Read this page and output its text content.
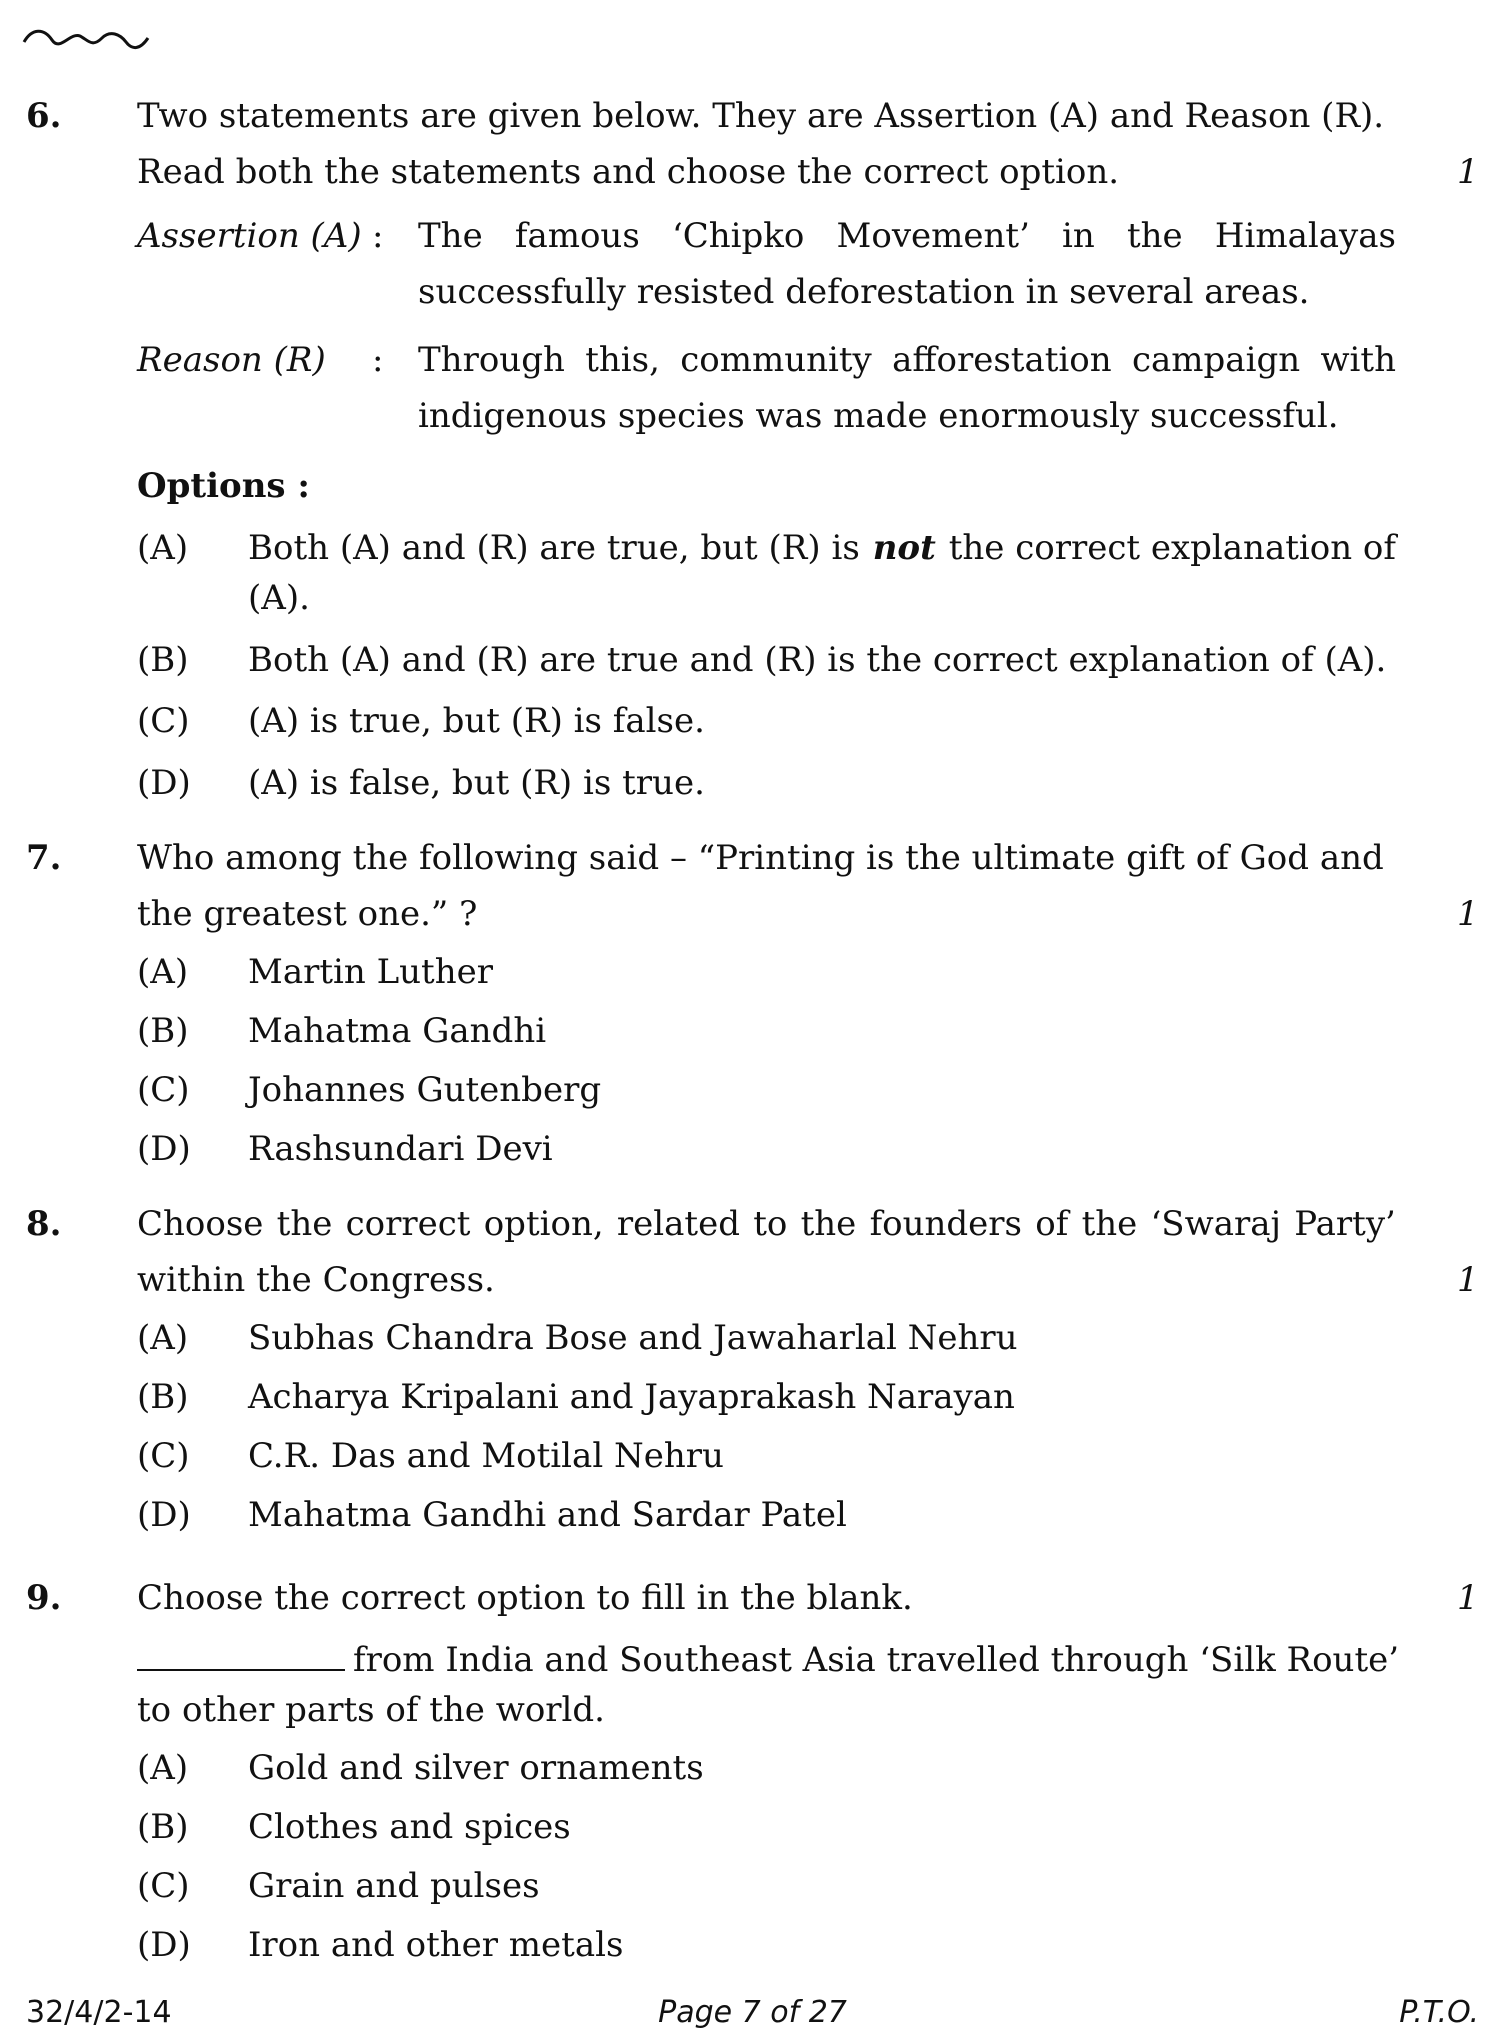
6. Two statements are given below. They are Assertion (A) and Reason (R).
Read both the statements and choose the correct option.	1
Assertion (A) : The famous ‘Chipko Movement’ in the Himalayas
successfully resisted deforestation in several areas.
Reason (R) : Through this, community afforestation campaign with
indigenous species was made enormously successful.
Options :
(A) Both (A) and (R) are true, but (R) is not the correct explanation of
(A).
(B) Both (A) and (R) are true and (R) is the correct explanation of (A).
(C) (A) is true, but (R) is false.
(D) (A) is false, but (R) is true.
7. Who among the following said – “Printing is the ultimate gift of God and
the greatest one.” ?	1
(A) Martin Luther
(B) Mahatma Gandhi
(C) Johannes Gutenberg
(D) Rashsundari Devi
8. Choose the correct option, related to the founders of the ‘Swaraj Party’
within the Congress.	1
(A) Subhas Chandra Bose and Jawaharlal Nehru
(B) Acharya Kripalani and Jayaprakash Narayan
(C) C.R. Das and Motilal Nehru
(D) Mahatma Gandhi and Sardar Patel
9. Choose the correct option to fill in the blank.	1
from India and Southeast Asia travelled through ‘Silk Route’
to other parts of the world.
(A) Gold and silver ornaments
(B) Clothes and spices
(C) Grain and pulses
(D) Iron and other metals
32/4/2-14	Page 7 of 27	P.T.O.
